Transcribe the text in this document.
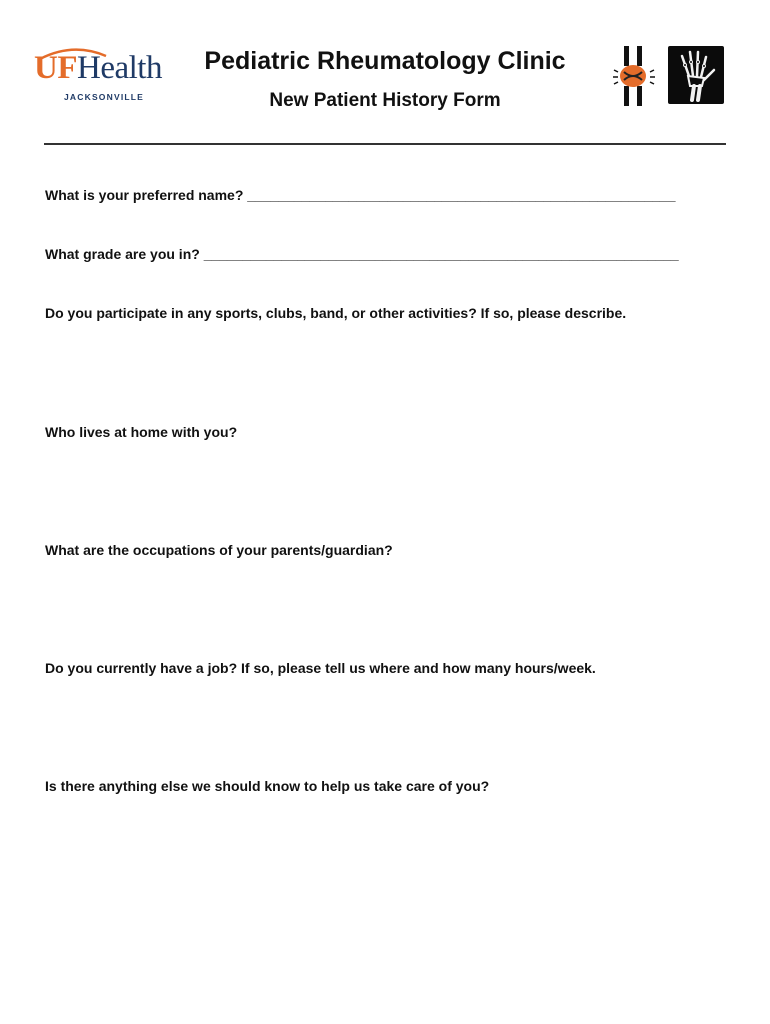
UFHealth
JACKSONVILLE
Pediatric Rheumatology Clinic
New Patient History Form
What is your preferred name? _______________________________________________________
What grade are you in? _____________________________________________________________
Do you participate in any sports, clubs, band, or other activities? If so, please describe.
Who lives at home with you?
What are the occupations of your parents/guardian?
Do you currently have a job? If so, please tell us where and how many hours/week.
Is there anything else we should know to help us take care of you?
